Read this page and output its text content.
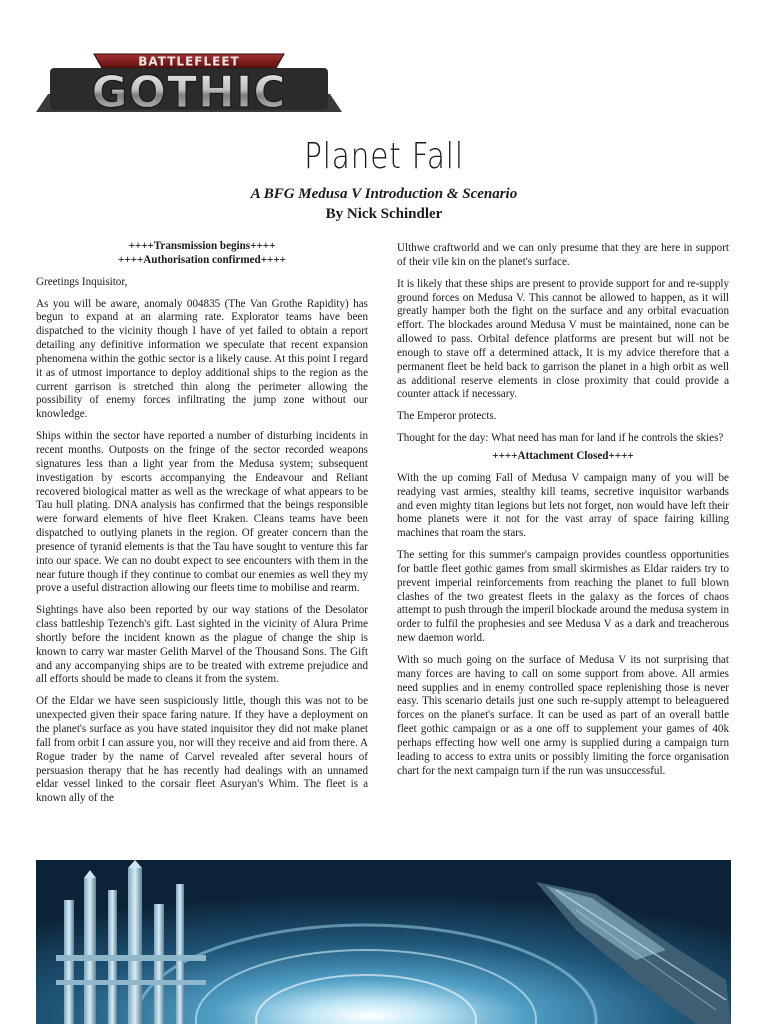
BATTLEFLEET
GOTHIC
Planet Fall
A BFG Medusa V Introduction & Scenario
By Nick Schindler

++++Transmission begins++++

++++Authorisation confirmed++++

Greetings Inquisitor,

As you will be aware, anomaly 004835 (The Van Grothe Rapidity) has begun to expand at an alarming rate. Explorator teams have been dispatched to the vicinity though I have of yet failed to obtain a report detailing any definitive information we speculate that recent expansion phenomena within the gothic sector is a likely cause. At this point I regard it as of utmost importance to deploy additional ships to the region as the current garrison is stretched thin along the perimeter allowing the possibility of enemy forces infiltrating the jump zone without our knowledge.

Ships within the sector have reported a number of disturbing incidents in recent months. Outposts on the fringe of the sector recorded weapons signatures less than a light year from the Medusa system; subsequent investigation by escorts accompanying the Endeavour and Reliant recovered biological matter as well as the wreckage of what appears to be Tau hull plating. DNA analysis has confirmed that the beings responsible were forward elements of hive fleet Kraken. Cleans teams have been dispatched to outlying planets in the region. Of greater concern than the presence of tyranid elements is that the Tau have sought to venture this far into our space. We can no doubt expect to see encounters with them in the near future though if they continue to combat our enemies as well they my prove a useful distraction allowing our fleets time to mobilise and rearm.

Sightings have also been reported by our way stations of the Desolator class battleship Tezench's gift. Last sighted in the vicinity of Alura Prime shortly before the incident known as the plague of change the ship is known to carry war master Gelith Marvel of the Thousand Sons. The Gift and any accompanying ships are to be treated with extreme prejudice and all efforts should be made to cleans it from the system.

Of the Eldar we have seen suspiciously little, though this was not to be unexpected given their space faring nature. If they have a deployment on the planet's surface as you have stated inquisitor they did not make planet fall from orbit I can assure you, nor will they receive and aid from there. A Rogue trader by the name of Carvel revealed after several hours of persuasion therapy that he has recently had dealings with an unnamed eldar vessel linked to the corsair fleet Asuryan's Whim. The fleet is a known ally of the

Ulthwe craftworld and we can only presume that they are here in support of their vile kin on the planet's surface.

It is likely that these ships are present to provide support for and re-supply ground forces on Medusa V. This cannot be allowed to happen, as it will greatly hamper both the fight on the surface and any orbital evacuation effort. The blockades around Medusa V must be maintained, none can be allowed to pass. Orbital defence platforms are present but will not be enough to stave off a determined attack, It is my advice therefore that a permanent fleet be held back to garrison the planet in a high orbit as well as additional reserve elements in close proximity that could provide a counter attack if necessary.

The Emperor protects.

Thought for the day: What need has man for land if he controls the skies?

++++Attachment Closed++++

With the up coming Fall of Medusa V campaign many of you will be readying vast armies, stealthy kill teams, secretive inquisitor warbands and even mighty titan legions but lets not forget, non would have left their home planets were it not for the vast array of space fairing killing machines that roam the stars.

The setting for this summer's campaign provides countless opportunities for battle fleet gothic games from small skirmishes as Eldar raiders try to prevent imperial reinforcements from reaching the planet to full blown clashes of the two greatest fleets in the galaxy as the forces of chaos attempt to push through the imperil blockade around the medusa system in order to fulfil the prophesies and see Medusa V as a dark and treacherous new daemon world.

With so much going on the surface of Medusa V its not surprising that many forces are having to call on some support from above. All armies need supplies and in enemy controlled space replenishing those is never easy. This scenario details just one such re-supply attempt to beleaguered forces on the planet's surface. It can be used as part of an overall battle fleet gothic campaign or as a one off to supplement your games of 40k perhaps effecting how well one army is supplied during a campaign turn leading to access to extra units or possibly limiting the force organisation chart for the next campaign turn if the run was unsuccessful.
